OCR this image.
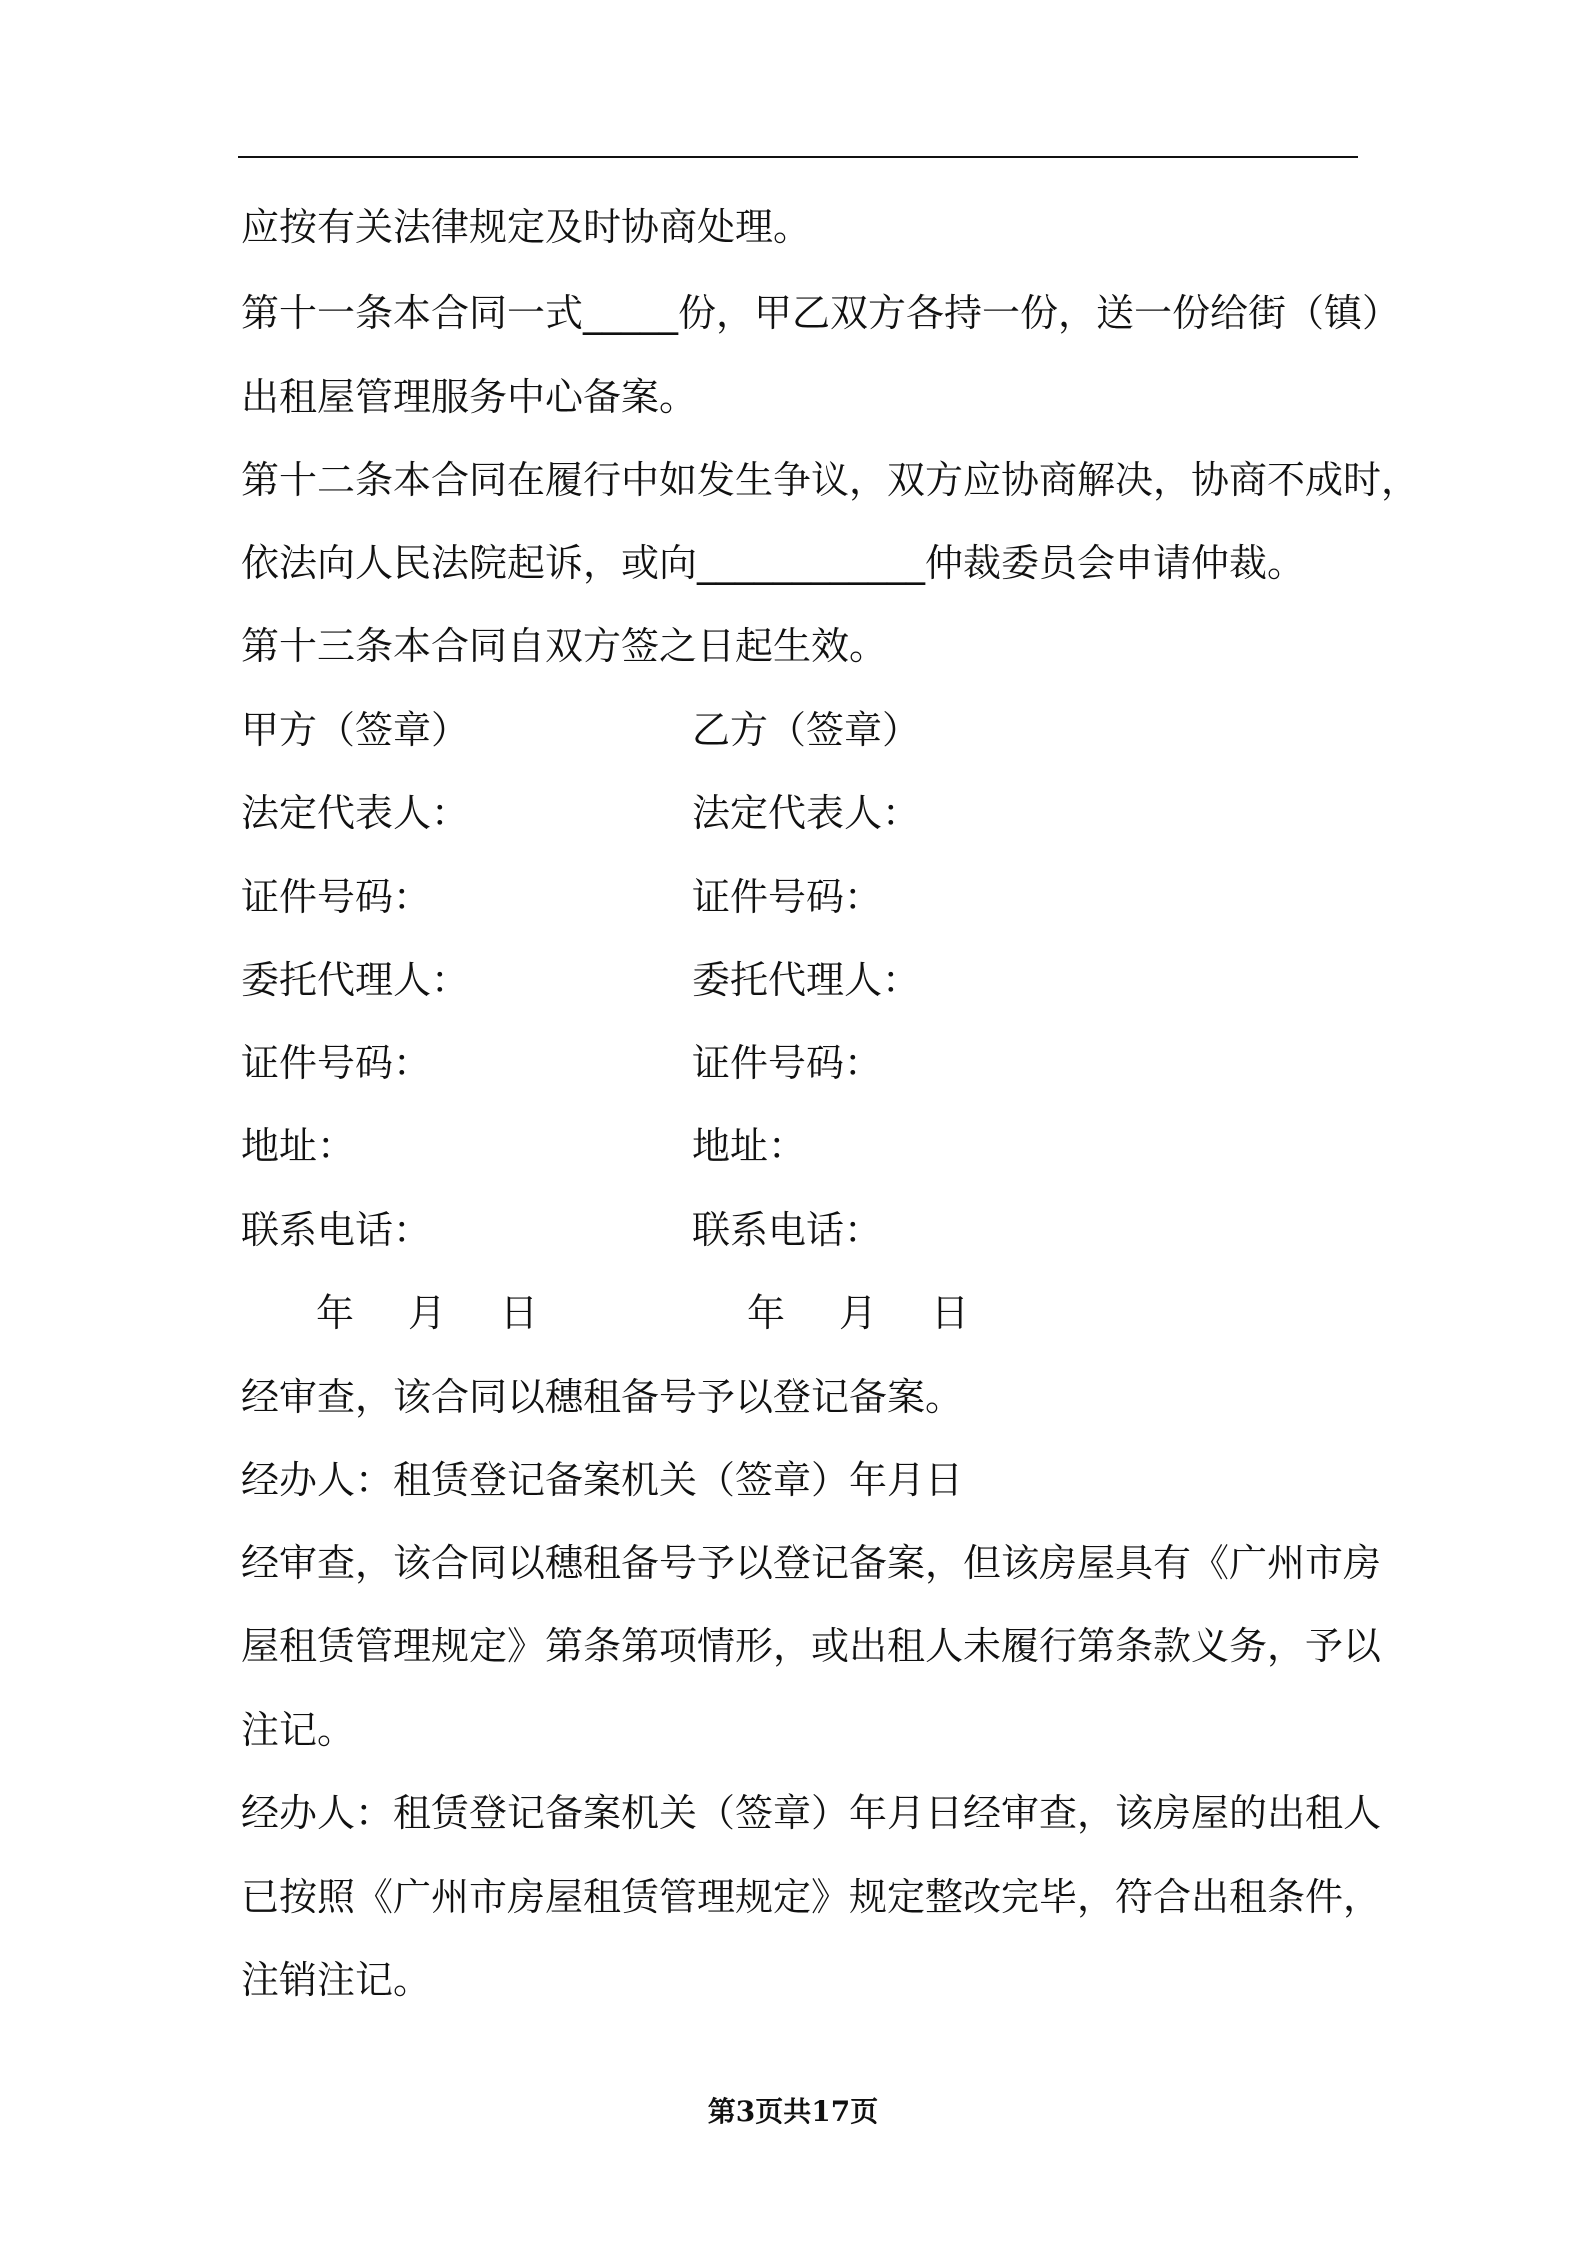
应按有关法律规定及时协商处理。
第十一条本合同一式_____份，甲乙双方各持一份，送一份给街（镇）
出租屋管理服务中心备案。
第十二条本合同在履行中如发生争议，双方应协商解决，协商不成时，
依法向人民法院起诉，或向____________仲裁委员会申请仲裁。
第十三条本合同自双方签之日起生效。
甲方（签章）
法定代表人：
证件号码：
委托代理人：
证件号码：
地址：
联系电话：
乙方（签章）
法定代表人：
证件号码：
委托代理人：
证件号码：
地址：
联系电话：
年　月　日	年　月　日
经审查，该合同以穗租备号予以登记备案。
经办人：租赁登记备案机关（签章）年月日
经审查，该合同以穗租备号予以登记备案，但该房屋具有《广州市房
屋租赁管理规定》第条第项情形，或出租人未履行第条款义务，予以
注记。
经办人：租赁登记备案机关（签章）年月日经审查，该房屋的出租人
已按照《广州市房屋租赁管理规定》规定整改完毕，符合出租条件，
注销注记。
第3页共17页
